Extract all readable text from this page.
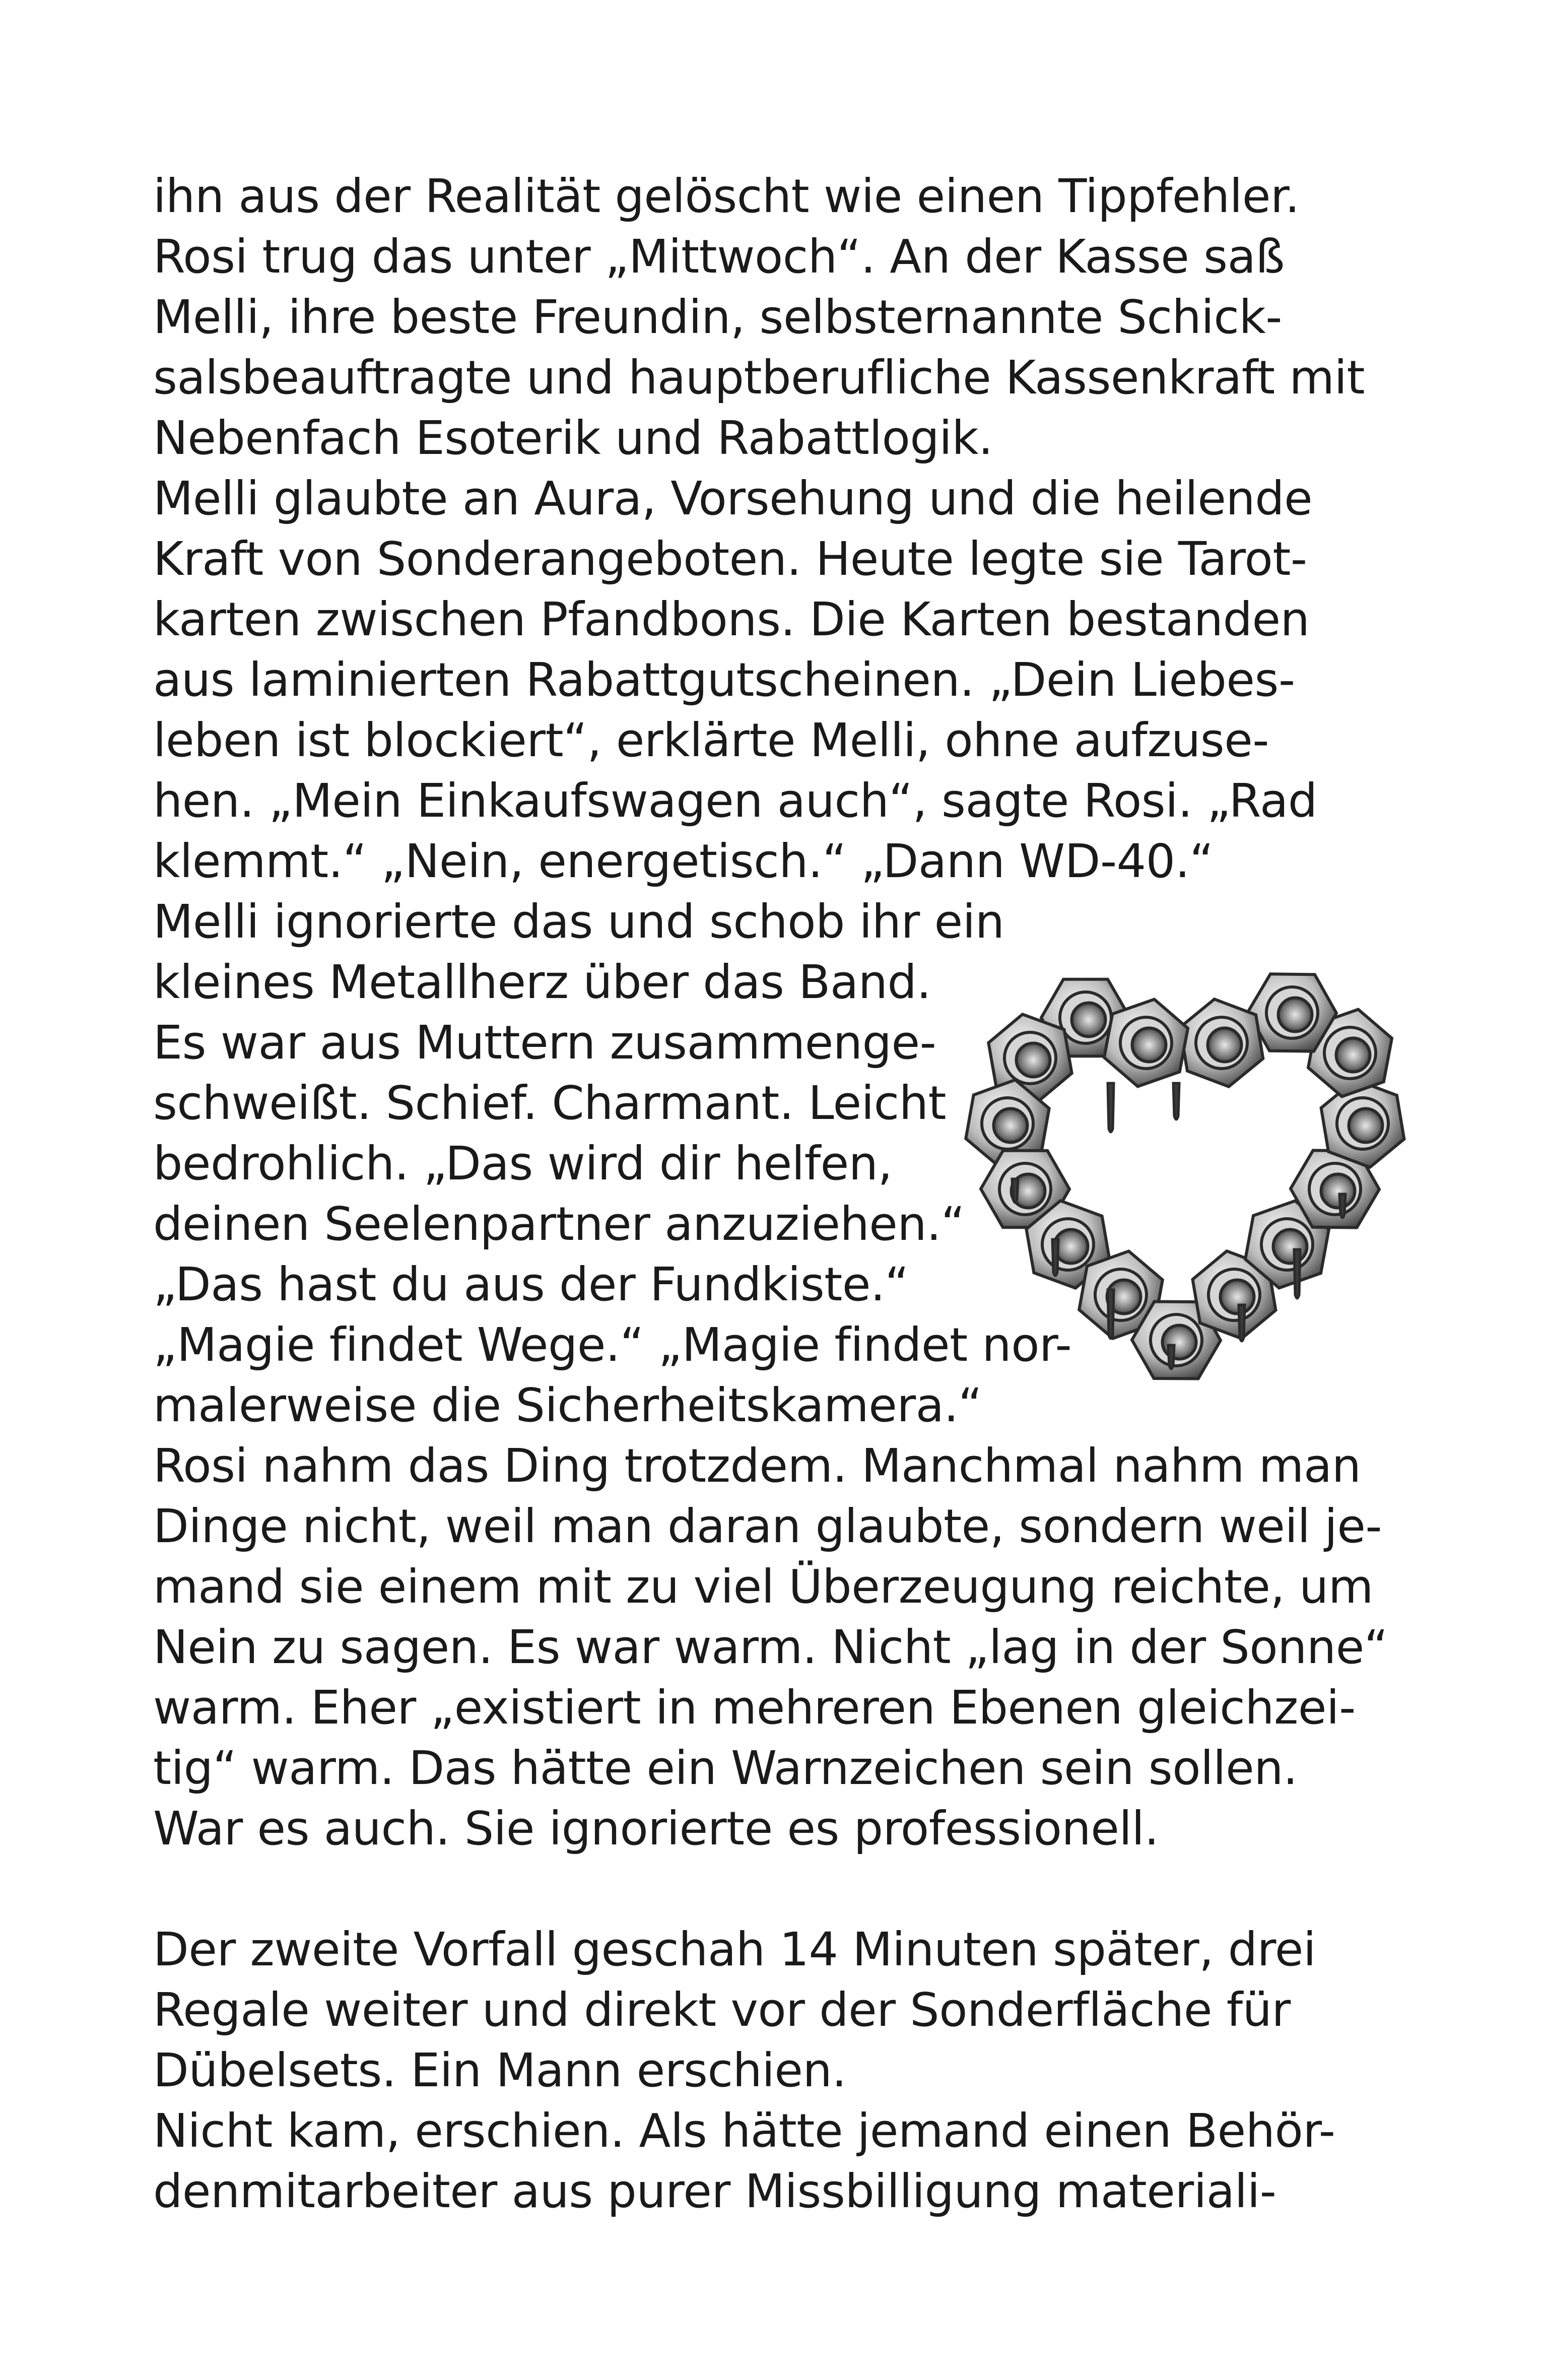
ihn aus der Realität gelöscht wie einen Tippfehler.
Rosi trug das unter „Mittwoch“. An der Kasse saß
Melli, ihre beste Freundin, selbsternannte Schick-
salsbeauftragte und hauptberufliche Kassenkraft mit
Nebenfach Esoterik und Rabattlogik.
Melli glaubte an Aura, Vorsehung und die heilende
Kraft von Sonderangeboten. Heute legte sie Tarot-
karten zwischen Pfandbons. Die Karten bestanden
aus laminierten Rabattgutscheinen. „Dein Liebes-
leben ist blockiert“, erklärte Melli, ohne aufzuse-
hen. „Mein Einkaufswagen auch“, sagte Rosi. „Rad
klemmt.“ „Nein, energetisch.“ „Dann WD-40.“
Melli ignorierte das und schob ihr ein
kleines Metallherz über das Band.
Es war aus Muttern zusammenge-
schweißt. Schief. Charmant. Leicht
bedrohlich. „Das wird dir helfen,
deinen Seelenpartner anzuziehen.“
„Das hast du aus der Fundkiste.“
„Magie findet Wege.“ „Magie findet nor-
malerweise die Sicherheitskamera.“
Rosi nahm das Ding trotzdem. Manchmal nahm man
Dinge nicht, weil man daran glaubte, sondern weil je-
mand sie einem mit zu viel Überzeugung reichte, um
Nein zu sagen. Es war warm. Nicht „lag in der Sonne“
warm. Eher „existiert in mehreren Ebenen gleichzei-
tig“ warm. Das hätte ein Warnzeichen sein sollen.
War es auch. Sie ignorierte es professionell.
Der zweite Vorfall geschah 14 Minuten später, drei
Regale weiter und direkt vor der Sonderfläche für
Dübelsets. Ein Mann erschien.
Nicht kam, erschien. Als hätte jemand einen Behör-
denmitarbeiter aus purer Missbilligung materiali-
